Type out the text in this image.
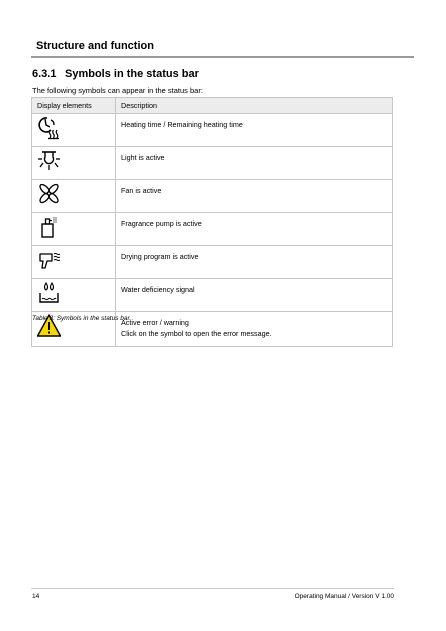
Structure and function
6.3.1 Symbols in the status bar
The following symbols can appear in the status bar:
Display elements	Description

Heating time / Remaining heating time

Light is active

Fan is active

Fragrance pump is active

Drying program is active

Water deficiency signal

Active error / warning
Click on the symbol to open the error message.
Table 3: Symbols in the status bar.
14	Operating Manual / Version V 1.00
